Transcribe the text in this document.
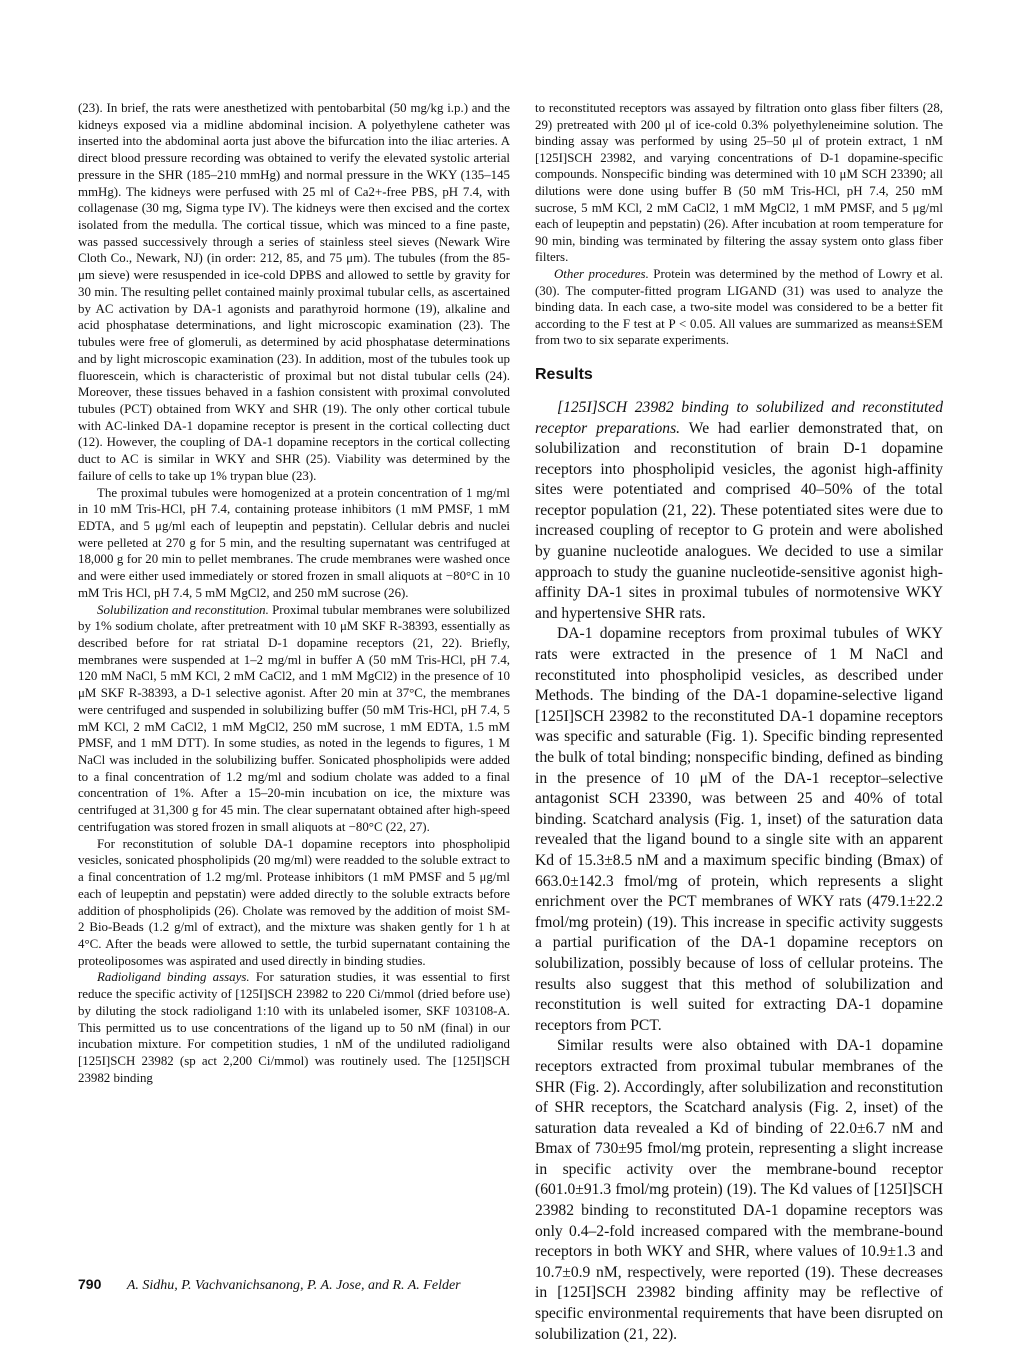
(23). In brief, the rats were anesthetized with pentobarbital (50 mg/kg i.p.) and the kidneys exposed via a midline abdominal incision. A polyethylene catheter was inserted into the abdominal aorta just above the bifurcation into the iliac arteries. A direct blood pressure recording was obtained to verify the elevated systolic arterial pressure in the SHR (185–210 mmHg) and normal pressure in the WKY (135–145 mmHg). The kidneys were perfused with 25 ml of Ca2+-free PBS, pH 7.4, with collagenase (30 mg, Sigma type IV). The kidneys were then excised and the cortex isolated from the medulla. The cortical tissue, which was minced to a fine paste, was passed successively through a series of stainless steel sieves (Newark Wire Cloth Co., Newark, NJ) (in order: 212, 85, and 75 μm). The tubules (from the 85-μm sieve) were resuspended in ice-cold DPBS and allowed to settle by gravity for 30 min. The resulting pellet contained mainly proximal tubular cells, as ascertained by AC activation by DA-1 agonists and parathyroid hormone (19), alkaline and acid phosphatase determinations, and light microscopic examination (23). The tubules were free of glomeruli, as determined by acid phosphatase determinations and by light microscopic examination (23). In addition, most of the tubules took up fluorescein, which is characteristic of proximal but not distal tubular cells (24). Moreover, these tissues behaved in a fashion consistent with proximal convoluted tubules (PCT) obtained from WKY and SHR (19). The only other cortical tubule with AC-linked DA-1 dopamine receptor is present in the cortical collecting duct (12). However, the coupling of DA-1 dopamine receptors in the cortical collecting duct to AC is similar in WKY and SHR (25). Viability was determined by the failure of cells to take up 1% trypan blue (23).

The proximal tubules were homogenized at a protein concentration of 1 mg/ml in 10 mM Tris-HCl, pH 7.4, containing protease inhibitors (1 mM PMSF, 1 mM EDTA, and 5 μg/ml each of leupeptin and pepstatin). Cellular debris and nuclei were pelleted at 270 g for 5 min, and the resulting supernatant was centrifuged at 18,000 g for 20 min to pellet membranes. The crude membranes were washed once and were either used immediately or stored frozen in small aliquots at −80°C in 10 mM Tris HCl, pH 7.4, 5 mM MgCl2, and 250 mM sucrose (26).

Solubilization and reconstitution. Proximal tubular membranes were solubilized by 1% sodium cholate, after pretreatment with 10 μM SKF R-38393, essentially as described before for rat striatal D-1 dopamine receptors (21, 22). Briefly, membranes were suspended at 1–2 mg/ml in buffer A (50 mM Tris-HCl, pH 7.4, 120 mM NaCl, 5 mM KCl, 2 mM CaCl2, and 1 mM MgCl2) in the presence of 10 μM SKF R-38393, a D-1 selective agonist. After 20 min at 37°C, the membranes were centrifuged and suspended in solubilizing buffer (50 mM Tris-HCl, pH 7.4, 5 mM KCl, 2 mM CaCl2, 1 mM MgCl2, 250 mM sucrose, 1 mM EDTA, 1.5 mM PMSF, and 1 mM DTT). In some studies, as noted in the legends to figures, 1 M NaCl was included in the solubilizing buffer. Sonicated phospholipids were added to a final concentration of 1.2 mg/ml and sodium cholate was added to a final concentration of 1%. After a 15–20-min incubation on ice, the mixture was centrifuged at 31,300 g for 45 min. The clear supernatant obtained after high-speed centrifugation was stored frozen in small aliquots at −80°C (22, 27).

For reconstitution of soluble DA-1 dopamine receptors into phospholipid vesicles, sonicated phospholipids (20 mg/ml) were readded to the soluble extract to a final concentration of 1.2 mg/ml. Protease inhibitors (1 mM PMSF and 5 μg/ml each of leupeptin and pepstatin) were added directly to the soluble extracts before addition of phospholipids (26). Cholate was removed by the addition of moist SM-2 Bio-Beads (1.2 g/ml of extract), and the mixture was shaken gently for 1 h at 4°C. After the beads were allowed to settle, the turbid supernatant containing the proteoliposomes was aspirated and used directly in binding studies.

Radioligand binding assays. For saturation studies, it was essential to first reduce the specific activity of [125I]SCH 23982 to 220 Ci/mmol (dried before use) by diluting the stock radioligand 1:10 with its unlabeled isomer, SKF 103108-A. This permitted us to use concentrations of the ligand up to 50 nM (final) in our incubation mixture. For competition studies, 1 nM of the undiluted radioligand [125I]SCH 23982 (sp act 2,200 Ci/mmol) was routinely used. The [125I]SCH 23982 binding

to reconstituted receptors was assayed by filtration onto glass fiber filters (28, 29) pretreated with 200 μl of ice-cold 0.3% polyethyleneimine solution. The binding assay was performed by using 25–50 μl of protein extract, 1 nM [125I]SCH 23982, and varying concentrations of D-1 dopamine-specific compounds. Nonspecific binding was determined with 10 μM SCH 23390; all dilutions were done using buffer B (50 mM Tris-HCl, pH 7.4, 250 mM sucrose, 5 mM KCl, 2 mM CaCl2, 1 mM MgCl2, 1 mM PMSF, and 5 μg/ml each of leupeptin and pepstatin) (26). After incubation at room temperature for 90 min, binding was terminated by filtering the assay system onto glass fiber filters.

Other procedures. Protein was determined by the method of Lowry et al. (30). The computer-fitted program LIGAND (31) was used to analyze the binding data. In each case, a two-site model was considered to be a better fit according to the F test at P < 0.05. All values are summarized as means±SEM from two to six separate experiments.

Results

[125I]SCH 23982 binding to solubilized and reconstituted receptor preparations. We had earlier demonstrated that, on solubilization and reconstitution of brain D-1 dopamine receptors into phospholipid vesicles, the agonist high-affinity sites were potentiated and comprised 40–50% of the total receptor population (21, 22). These potentiated sites were due to increased coupling of receptor to G protein and were abolished by guanine nucleotide analogues. We decided to use a similar approach to study the guanine nucleotide-sensitive agonist high-affinity DA-1 sites in proximal tubules of normotensive WKY and hypertensive SHR rats.

DA-1 dopamine receptors from proximal tubules of WKY rats were extracted in the presence of 1 M NaCl and reconstituted into phospholipid vesicles, as described under Methods. The binding of the DA-1 dopamine-selective ligand [125I]SCH 23982 to the reconstituted DA-1 dopamine receptors was specific and saturable (Fig. 1). Specific binding represented the bulk of total binding; nonspecific binding, defined as binding in the presence of 10 μM of the DA-1 receptor–selective antagonist SCH 23390, was between 25 and 40% of total binding. Scatchard analysis (Fig. 1, inset) of the saturation data revealed that the ligand bound to a single site with an apparent Kd of 15.3±8.5 nM and a maximum specific binding (Bmax) of 663.0±142.3 fmol/mg of protein, which represents a slight enrichment over the PCT membranes of WKY rats (479.1±22.2 fmol/mg protein) (19). This increase in specific activity suggests a partial purification of the DA-1 dopamine receptors on solubilization, possibly because of loss of cellular proteins. The results also suggest that this method of solubilization and reconstitution is well suited for extracting DA-1 dopamine receptors from PCT.

Similar results were also obtained with DA-1 dopamine receptors extracted from proximal tubular membranes of the SHR (Fig. 2). Accordingly, after solubilization and reconstitution of SHR receptors, the Scatchard analysis (Fig. 2, inset) of the saturation data revealed a Kd of binding of 22.0±6.7 nM and Bmax of 730±95 fmol/mg protein, representing a slight increase in specific activity over the membrane-bound receptor (601.0±91.3 fmol/mg protein) (19). The Kd values of [125I]SCH 23982 binding to reconstituted DA-1 dopamine receptors was only 0.4–2-fold increased compared with the membrane-bound receptors in both WKY and SHR, where values of 10.9±1.3 and 10.7±0.9 nM, respectively, were reported (19). These decreases in [125I]SCH 23982 binding affinity may be reflective of specific environmental requirements that have been disrupted on solubilization (21, 22).

790 A. Sidhu, P. Vachvanichsanong, P. A. Jose, and R. A. Felder
